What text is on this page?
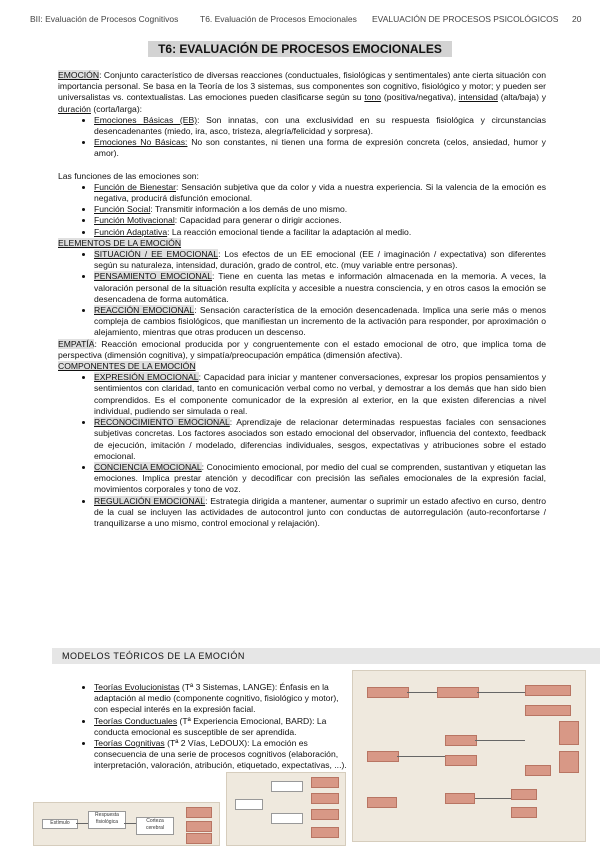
BII: Evaluación de Procesos Cognitivos	T6. Evaluación de Procesos Emocionales EVALUACIÓN DE PROCESOS PSICOLÓGICOS 20
T6: EVALUACIÓN DE PROCESOS EMOCIONALES

EMOCIÓN: Conjunto característico de diversas reacciones (conductuales, fisiológicas y sentimentales) ante cierta situación con importancia personal. Se basa en la Teoría de los 3 sistemas, sus componentes son cognitivo, fisiológico y motor; y pueden ser universalistas vs. contextualistas. Las emociones pueden clasificarse según su tono (positiva/negativa), intensidad (alta/baja) y duración (corta/larga):

• Emociones Básicas (EB): Son innatas, con una exclusividad en su respuesta fisiológica y circunstancias desencadenantes (miedo, ira, asco, tristeza, alegría/felicidad y sorpresa).
• Emociones No Básicas: No son constantes, ni tienen una forma de expresión concreta (celos, ansiedad, humor y amor).

Las funciones de las emociones son:

• Función de Bienestar: Sensación subjetiva que da color y vida a nuestra experiencia. Si la valencia de la emoción es negativa, producirá disfunción emocional.
• Función Social: Transmitir información a los demás de uno mismo.
• Función Motivacional: Capacidad para generar o dirigir acciones.
• Función Adaptativa: La reacción emocional tiende a facilitar la adaptación al medio.

ELEMENTOS DE LA EMOCIÓN

• SITUACIÓN / EE EMOCIONAL: Los efectos de un EE emocional (EE / imaginación / expectativa) son diferentes según su naturaleza, intensidad, duración, grado de control, etc. (muy variable entre personas).
• PENSAMIENTO EMOCIONAL: Tiene en cuenta las metas e información almacenada en la memoria. A veces, la valoración personal de la situación resulta explícita y accesible a nuestra consciencia, y en otros casos la emoción se desencadena de forma automática.
• REACCIÓN EMOCIONAL: Sensación característica de la emoción desencadenada. Implica una serie más o menos compleja de cambios fisiológicos, que manifiestan un incremento de la activación para responder, por aproximación o alejamiento, mientras que otras producen un descenso.

EMPATÍA: Reacción emocional producida por y congruentemente con el estado emocional de otro, que implica toma de perspectiva (dimensión cognitiva), y simpatía/preocupación empática (dimensión afectiva).

COMPONENTES DE LA EMOCIÓN

• EXPRESIÓN EMOCIONAL: Capacidad para iniciar y mantener conversaciones, expresar los propios pensamientos y sentimientos con claridad, tanto en comunicación verbal como no verbal, y demostrar a los demás que han sido bien comprendidos. Es el componente comunicador de la expresión al exterior, en la que existen diferencias a nivel individual, pudiendo ser simulada o real.
• RECONOCIMIENTO EMOCIONAL: Aprendizaje de relacionar determinadas respuestas faciales con sensaciones subjetivas concretas. Los factores asociados son estado emocional del observador, influencia del contexto, feedback de ejecución, imitación / modelado, diferencias individuales, sesgos, expectativas y atribuciones sobre el estado emocional.
• CONCIENCIA EMOCIONAL: Conocimiento emocional, por medio del cual se comprenden, sustantivan y etiquetan las emociones. Implica prestar atención y decodificar con precisión las señales emocionales de la expresión facial, movimientos corporales y tono de voz.
• REGULACIÓN EMOCIONAL: Estrategia dirigida a mantener, aumentar o suprimir un estado afectivo en curso, dentro de la cual se incluyen las actividades de autocontrol junto con conductas de autorregulación (auto-reconfortarse / tranquilizarse a uno mismo, control emocional y relajación).
MODELOS TEÓRICOS DE LA EMOCIÓN
• Teorías Evolucionistas (Tª 3 Sistemas, LANGE): Énfasis en la adaptación al medio (componente cognitivo, fisiológico y motor), con especial interés en la expresión facial.
• Teorías Conductuales (Tª Experiencia Emocional, BARD): La conducta emocional es susceptible de ser aprendida.
• Teorías Cognitivas (Tª 2 Vías, LeDOUX): La emoción es consecuencia de una serie de procesos cognitivos (elaboración, interpretación, valoración, atribución, etiquetado, expectativas, ...).
Estímulo
Respuesta fisiológica	Corteza cerebral
